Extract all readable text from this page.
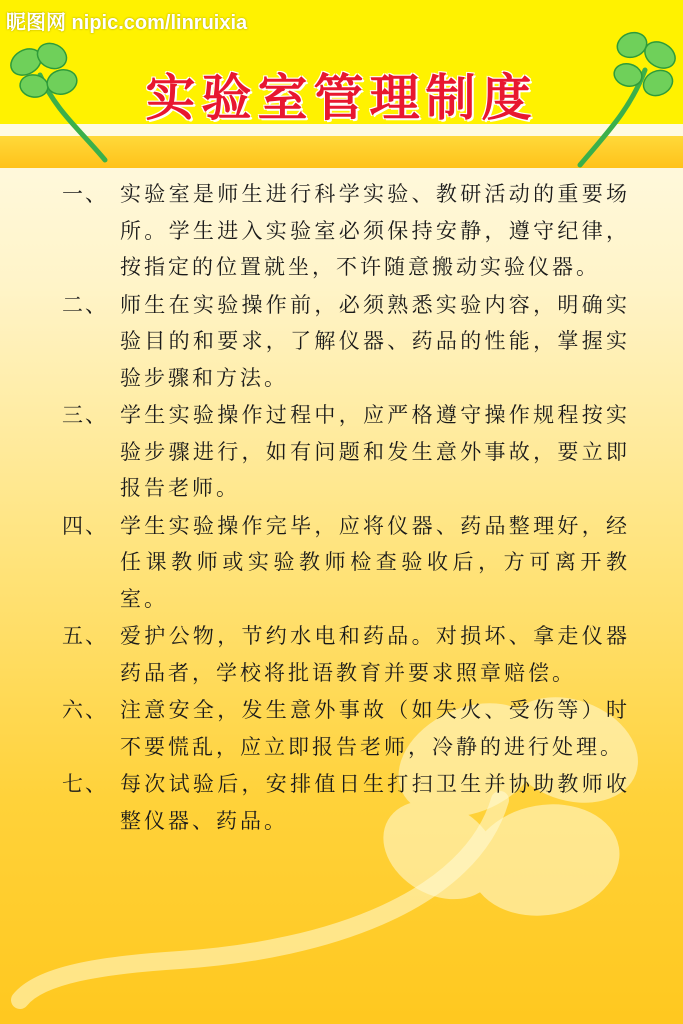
昵图网 nipic.com/linruixia
实验室管理制度
一、 实验室是师生进行科学实验、教研活动的重要场所。学生进入实验室必须保持安静，遵守纪律，按指定的位置就坐，不许随意搬动实验仪器。
二、 师生在实验操作前，必须熟悉实验内容，明确实验目的和要求，了解仪器、药品的性能，掌握实验步骤和方法。
三、 学生实验操作过程中，应严格遵守操作规程按实验步骤进行，如有问题和发生意外事故，要立即报告老师。
四、 学生实验操作完毕，应将仪器、药品整理好，经任课教师或实验教师检查验收后，方可离开教室。
五、 爱护公物，节约水电和药品。对损坏、拿走仪器药品者，学校将批语教育并要求照章赔偿。
六、 注意安全，发生意外事故（如失火、受伤等）时不要慌乱，应立即报告老师，冷静的进行处理。
七、 每次试验后，安排值日生打扫卫生并协助教师收整仪器、药品。
